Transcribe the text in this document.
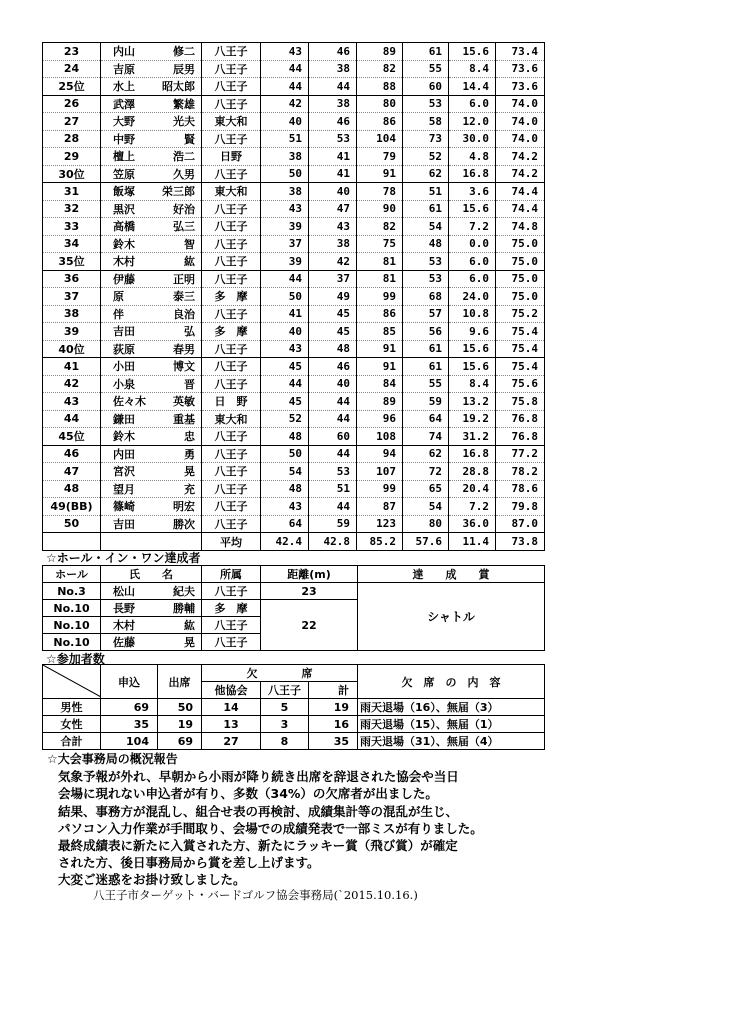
23	内山 修二	八王子	43	46	89	61	15.6	73.4
24	吉原 辰男	八王子	44	38	82	55	8.4	73.6
25位	水上 昭太郎	八王子	44	44	88	60	14.4	73.6
26	武澤 繁雄	八王子	42	38	80	53	6.0	74.0
27	大野 光夫	東大和	40	46	86	58	12.0	74.0
28	中野 賢	八王子	51	53	104	73	30.0	74.0
29	檀上 浩二	日野	38	41	79	52	4.8	74.2
30位	笠原 久男	八王子	50	41	91	62	16.8	74.2
31	飯塚 栄三郎	東大和	38	40	78	51	3.6	74.4
32	黒沢 好治	八王子	43	47	90	61	15.6	74.4
33	高橋 弘三	八王子	39	43	82	54	7.2	74.8
34	鈴木 智	八王子	37	38	75	48	0.0	75.0
35位	木村 紘	八王子	39	42	81	53	6.0	75.0
36	伊藤 正明	八王子	44	37	81	53	6.0	75.0
37	原 泰三	多　摩	50	49	99	68	24.0	75.0
38	伴 良治	八王子	41	45	86	57	10.8	75.2
39	吉田 弘	多　摩	40	45	85	56	9.6	75.4
40位	荻原 春男	八王子	43	48	91	61	15.6	75.4
41	小田 博文	八王子	45	46	91	61	15.6	75.4
42	小泉 晋	八王子	44	40	84	55	8.4	75.6
43	佐々木 英敏	日　野	45	44	89	59	13.2	75.8
44	鎌田 重基	東大和	52	44	96	64	19.2	76.8
45位	鈴木 忠	八王子	48	60	108	74	31.2	76.8
46	内田 勇	八王子	50	44	94	62	16.8	77.2
47	宮沢 晃	八王子	54	53	107	72	28.8	78.2
48	望月 充	八王子	48	51	99	65	20.4	78.6
49(BB)	篠崎 明宏	八王子	43	44	87	54	7.2	79.8
50	吉田 勝次	八王子	64	59	123	80	36.0	87.0
		平均	42.4	42.8	85.2	57.6	11.4	73.8
☆ホール・イン・ワン達成者
ホール	氏　　名	所属	距離(m)	達　　成　　賞
No.3	松山 紀夫	八王子	23	シャトル
No.10	長野 勝輔	多　摩		
No.10	木村 紘	八王子	22	
No.10	佐藤 晃	八王子		
☆参加者数
	申込	出席	欠　　　　席			欠　席　の　内　容
			他協会	八王子	計	
男性	69	50	14	5	19	雨天退場（16）、無届（3）
女性	35	19	13	3	16	雨天退場（15）、無届（1）
合計	104	69	27	8	35	雨天退場（31）、無届（4）
☆大会事務局の概況報告
気象予報が外れ、早朝から小雨が降り続き出席を辞退された協会や当日
会場に現れない申込者が有り、多数（34%）の欠席者が出ました。
結果、事務方が混乱し、組合せ表の再検討、成績集計等の混乱が生じ、
パソコン入力作業が手間取り、会場での成績発表で一部ミスが有りました。
最終成績表に新たに入賞された方、新たにラッキー賞（飛び賞）が確定
された方、後日事務局から賞を差し上げます。
大変ご迷惑をお掛け致しました。
八王子市ターゲット・バードゴルフ協会事務局(`2015.10.16.)
